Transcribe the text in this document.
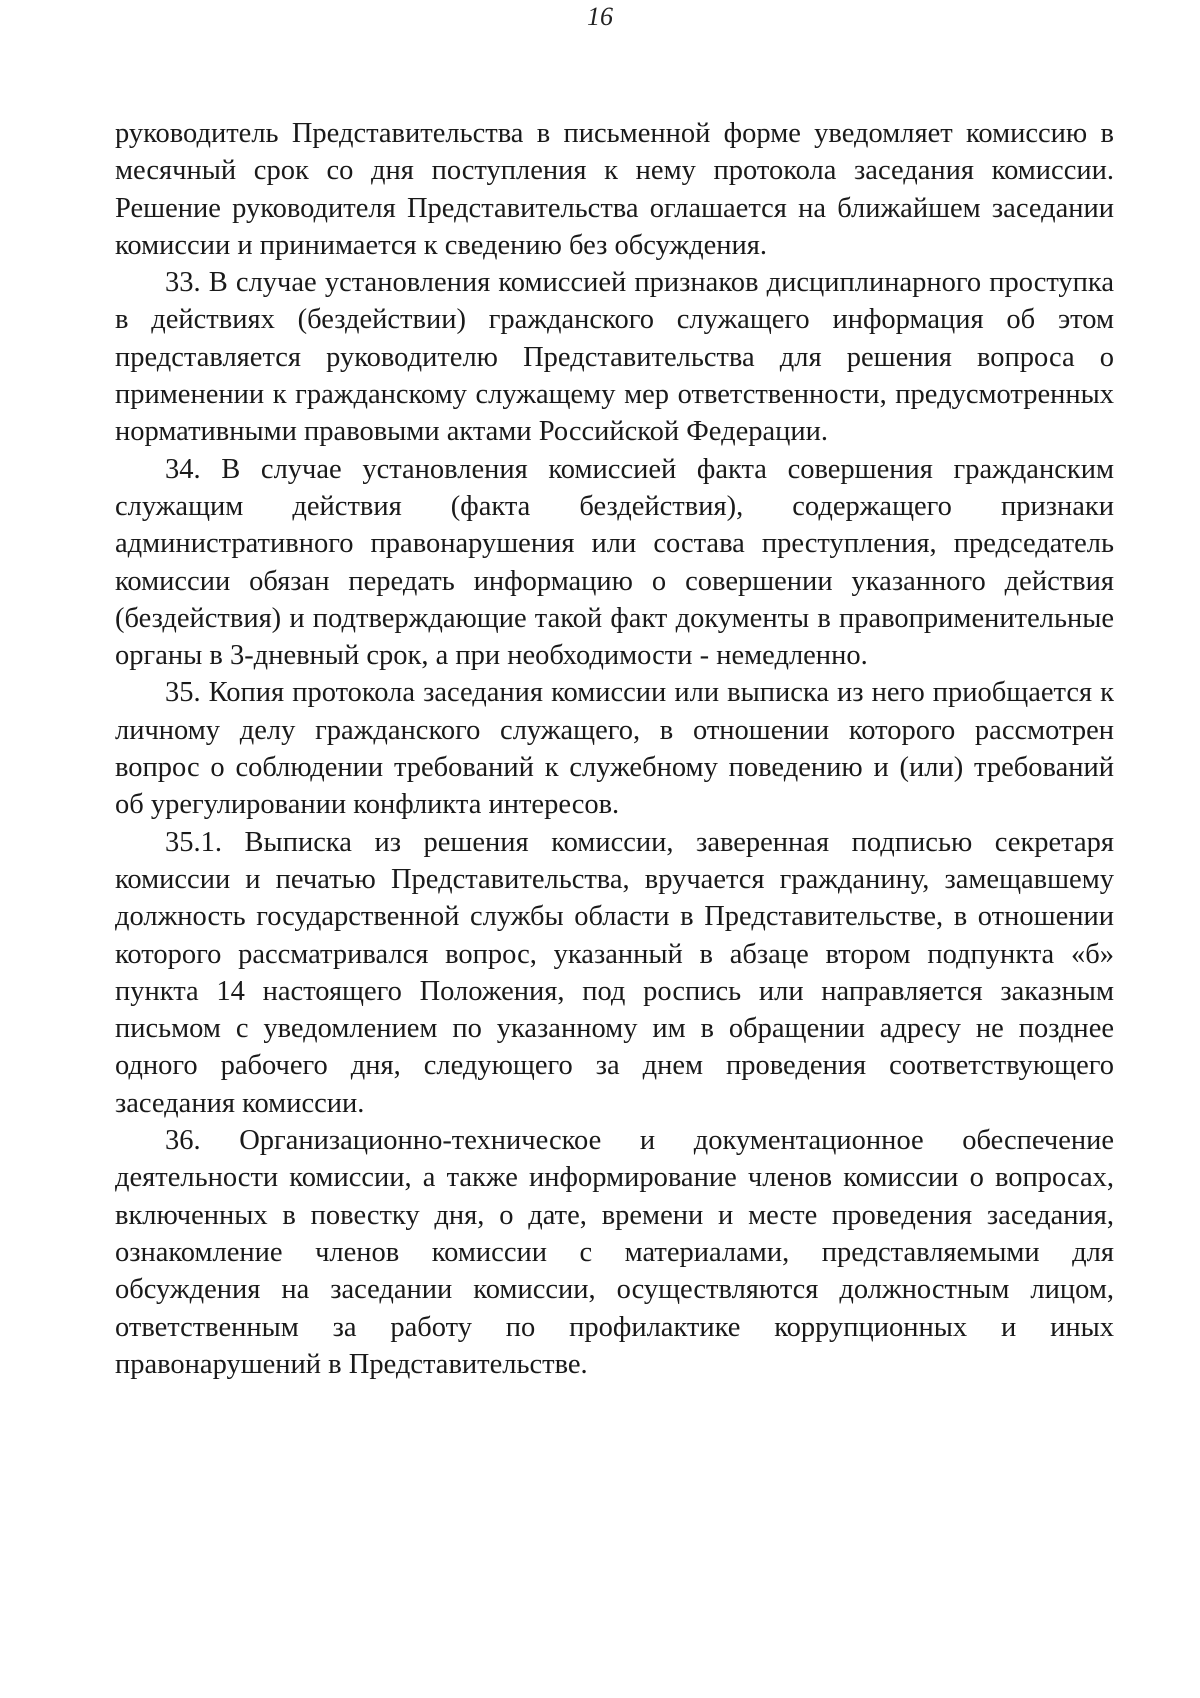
16

руководитель Представительства в письменной форме уведомляет комиссию в месячный срок со дня поступления к нему протокола заседания комиссии. Решение руководителя Представительства оглашается на ближайшем заседании комиссии и принимается к сведению без обсуждения.

33. В случае установления комиссией признаков дисциплинарного проступка в действиях (бездействии) гражданского служащего информация об этом представляется руководителю Представительства для решения вопроса о применении к гражданскому служащему мер ответственности, предусмотренных нормативными правовыми актами Российской Федерации.

34. В случае установления комиссией факта совершения гражданским служащим действия (факта бездействия), содержащего признаки административного правонарушения или состава преступления, председатель комиссии обязан передать информацию о совершении указанного действия (бездействия) и подтверждающие такой факт документы в правоприменительные органы в 3-дневный срок, а при необходимости - немедленно.

35. Копия протокола заседания комиссии или выписка из него приобщается к личному делу гражданского служащего, в отношении которого рассмотрен вопрос о соблюдении требований к служебному поведению и (или) требований об урегулировании конфликта интересов.

35.1. Выписка из решения комиссии, заверенная подписью секретаря комиссии и печатью Представительства, вручается гражданину, замещавшему должность государственной службы области в Представительстве, в отношении которого рассматривался вопрос, указанный в абзаце втором подпункта «б» пункта 14 настоящего Положения, под роспись или направляется заказным письмом с уведомлением по указанному им в обращении адресу не позднее одного рабочего дня, следующего за днем проведения соответствующего заседания комиссии.

36. Организационно-техническое и документационное обеспечение деятельности комиссии, а также информирование членов комиссии о вопросах, включенных в повестку дня, о дате, времени и месте проведения заседания, ознакомление членов комиссии с материалами, представляемыми для обсуждения на заседании комиссии, осуществляются должностным лицом, ответственным за работу по профилактике коррупционных и иных правонарушений в Представительстве.
